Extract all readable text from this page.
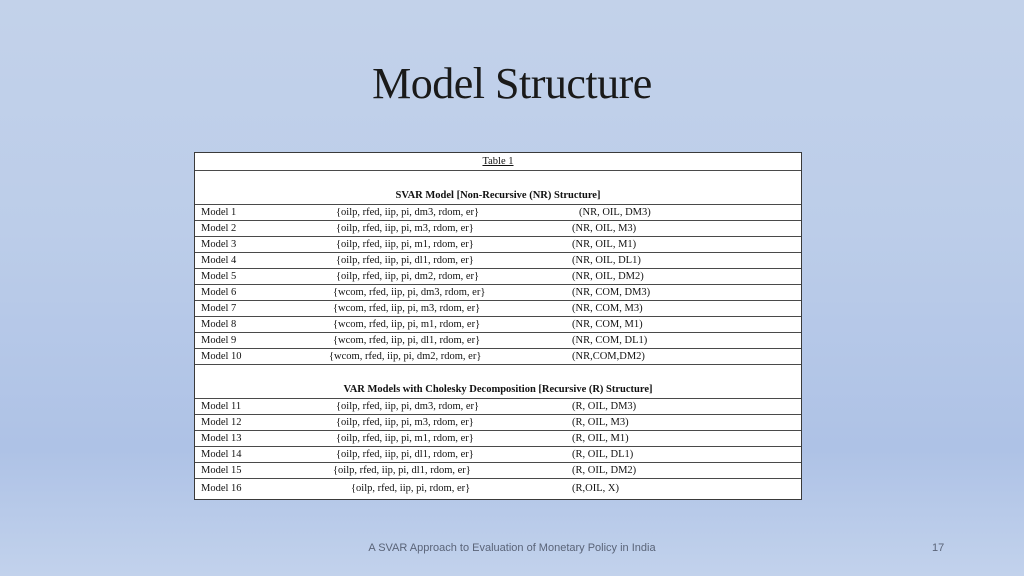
Model Structure
Table 1
SVAR Model [Non-Recursive (NR) Structure]
Model 1	{oilp, rfed, iip, pi, dm3, rdom, er}	(NR, OIL, DM3)
Model 2	{oilp, rfed, iip, pi, m3, rdom, er}	(NR, OIL, M3)
Model 3	{oilp, rfed, iip, pi, m1, rdom, er}	(NR, OIL, M1)
Model 4	{oilp, rfed, iip, pi, dl1, rdom, er}	(NR, OIL, DL1)
Model 5	{oilp, rfed, iip, pi, dm2, rdom, er}	(NR, OIL, DM2)
Model 6	{wcom, rfed, iip, pi, dm3, rdom, er}	(NR, COM, DM3)
Model 7	{wcom, rfed, iip, pi, m3, rdom, er}	(NR, COM, M3)
Model 8	{wcom, rfed, iip, pi, m1, rdom, er}	(NR, COM, M1)
Model 9	{wcom, rfed, iip, pi, dl1, rdom, er}	(NR, COM, DL1)
Model 10	{wcom, rfed, iip, pi, dm2, rdom, er}	(NR,COM,DM2)
VAR Models with Cholesky Decomposition [Recursive (R) Structure]
Model 11	{oilp, rfed, iip, pi, dm3, rdom, er}	(R, OIL, DM3)
Model 12	{oilp, rfed, iip, pi, m3, rdom, er}	(R, OIL, M3)
Model 13	{oilp, rfed, iip, pi, m1, rdom, er}	(R, OIL, M1)
Model 14	{oilp, rfed, iip, pi, dl1, rdom, er}	(R, OIL, DL1)
Model 15	{oilp, rfed, iip, pi, dl1, rdom, er}	(R, OIL, DM2)
Model 16	{oilp, rfed, iip, pi, rdom, er}	(R,OIL, X)
A SVAR Approach to Evaluation of Monetary Policy in India	17
